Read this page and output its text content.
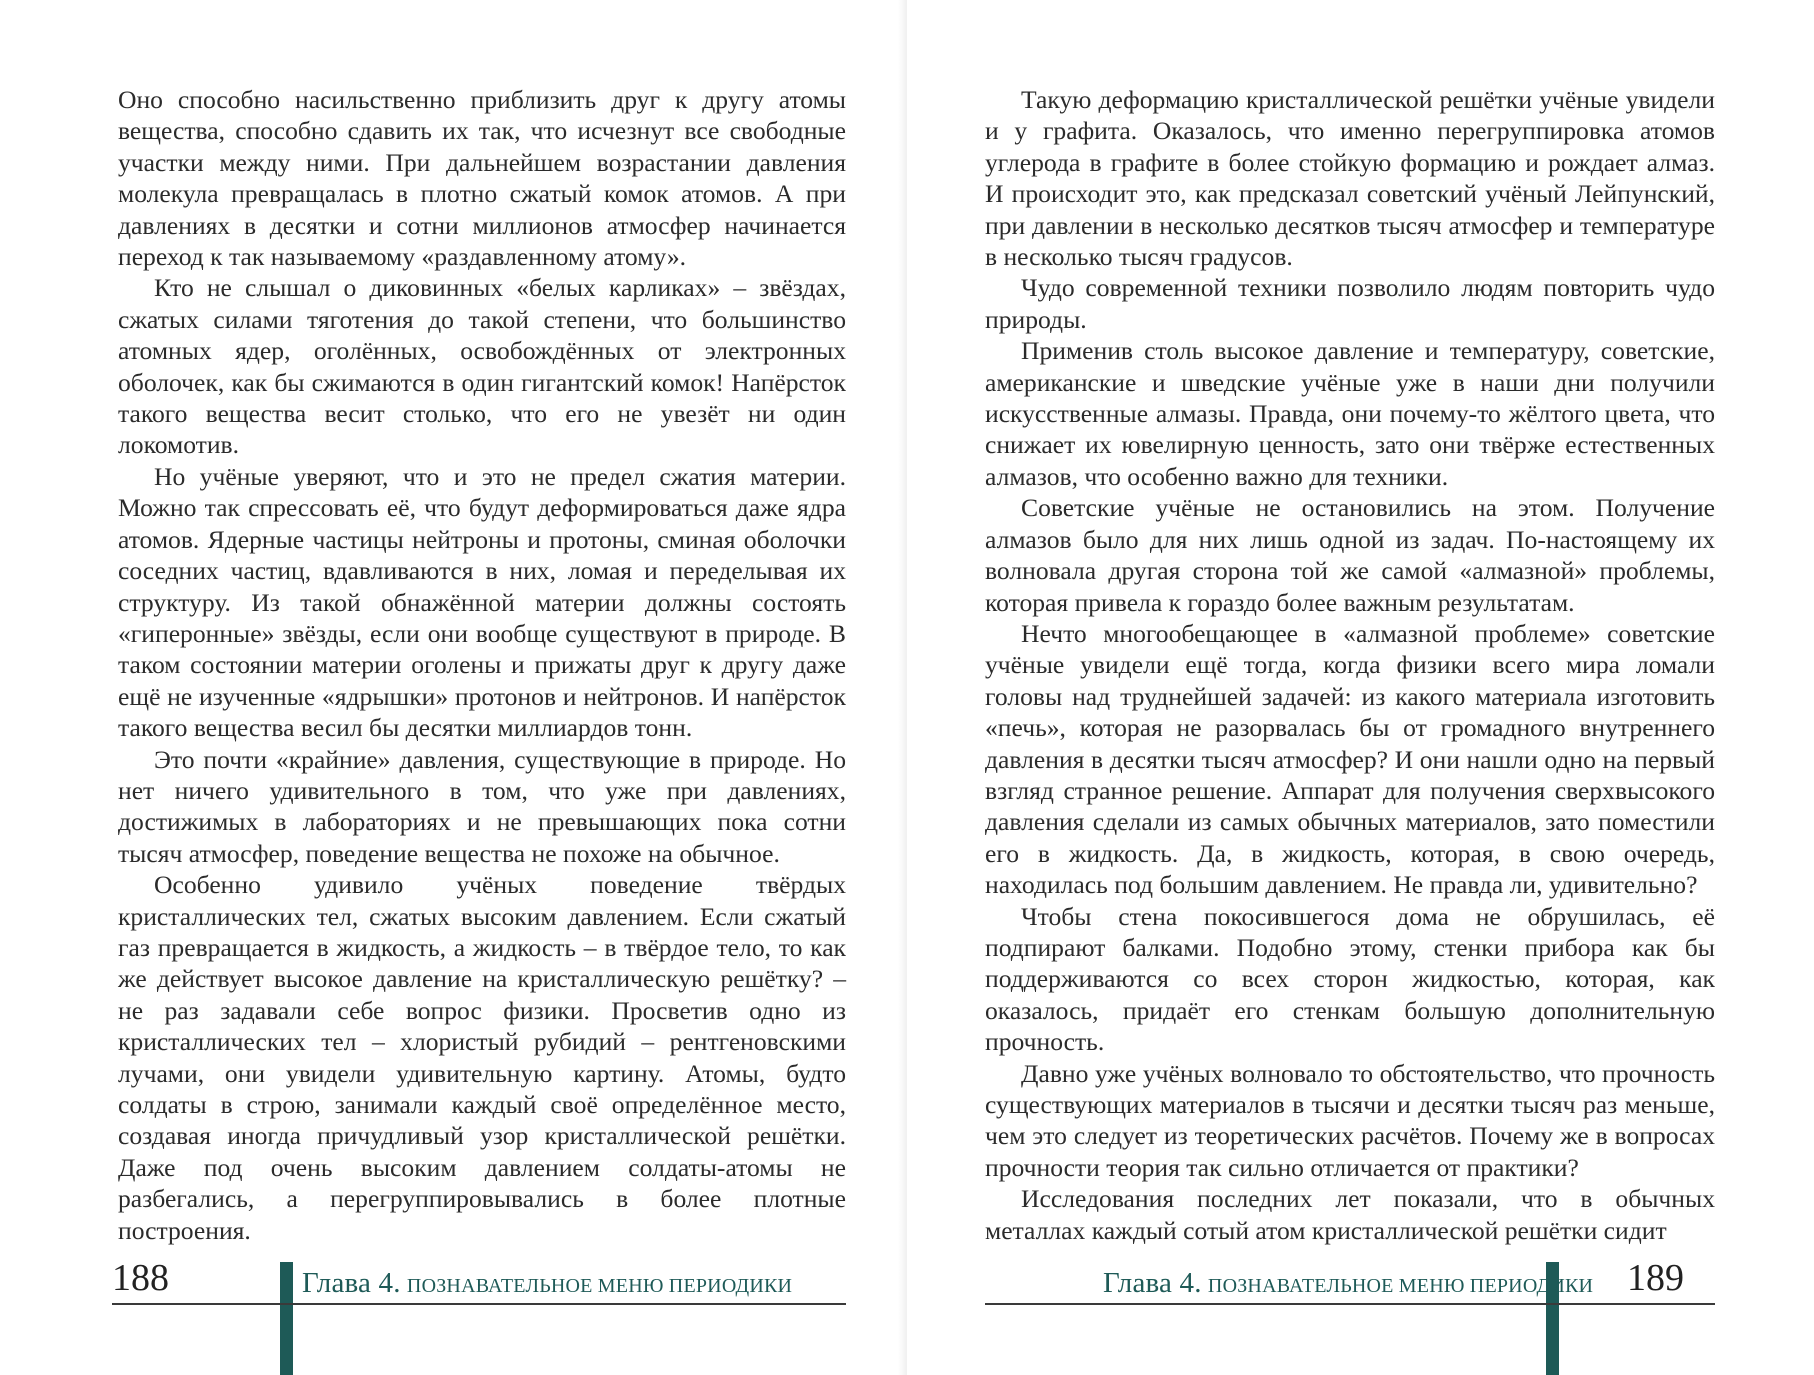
Оно способно насильственно приблизить друг к другу атомы вещества, способно сдавить их так, что исчезнут все свободные участки между ними. При дальнейшем возрастании давления молекула превращалась в плотно сжатый комок атомов. А при давлениях в десятки и сотни миллионов атмосфер начинается переход к так называемому «раздавленному атому».

Кто не слышал о диковинных «белых карликах» – звёздах, сжатых силами тяготения до такой степени, что большинство атомных ядер, оголённых, освобождённых от электронных оболочек, как бы сжимаются в один гигантский комок! Напёрсток такого вещества весит столько, что его не увезёт ни один локомотив.

Но учёные уверяют, что и это не предел сжатия материи. Можно так спрессовать её, что будут деформироваться даже ядра атомов. Ядерные частицы нейтроны и протоны, сминая оболочки соседних частиц, вдавливаются в них, ломая и переделывая их структуру. Из такой обнажённой материи должны состоять «гиперонные» звёзды, если они вообще существуют в природе. В таком состоянии материи оголены и прижаты друг к другу даже ещё не изученные «ядрышки» протонов и нейтронов. И напёрсток такого вещества весил бы десятки миллиардов тонн.

Это почти «крайние» давления, существующие в природе. Но нет ничего удивительного в том, что уже при давлениях, достижимых в лабораториях и не превышающих пока сотни тысяч атмосфер, поведение вещества не похоже на обычное.

Особенно удивило учёных поведение твёрдых кристаллических тел, сжатых высоким давлением. Если сжатый газ превращается в жидкость, а жидкость – в твёрдое тело, то как же действует высокое давление на кристаллическую решётку? – не раз задавали себе вопрос физики. Просветив одно из кристаллических тел – хлористый рубидий – рентгеновскими лучами, они увидели удивительную картину. Атомы, будто солдаты в строю, занимали каждый своё определённое место, создавая иногда причудливый узор кристаллической решётки. Даже под очень высоким давлением солдаты-атомы не разбегались, а перегруппировывались в более плотные построения.

188	Глава 4. ПОЗНАВАТЕЛЬНОЕ МЕНЮ ПЕРИОДИКИ

Такую деформацию кристаллической решётки учёные увидели и у графита. Оказалось, что именно перегруппировка атомов углерода в графите в более стойкую формацию и рождает алмаз. И происходит это, как предсказал советский учёный Лейпунский, при давлении в несколько десятков тысяч атмосфер и температуре в несколько тысяч градусов.

Чудо современной техники позволило людям повторить чудо природы.

Применив столь высокое давление и температуру, советские, американские и шведские учёные уже в наши дни получили искусственные алмазы. Правда, они почему-то жёлтого цвета, что снижает их ювелирную ценность, зато они твёрже естественных алмазов, что особенно важно для техники.

Советские учёные не остановились на этом. Получение алмазов было для них лишь одной из задач. По-настоящему их волновала другая сторона той же самой «алмазной» проблемы, которая привела к гораздо более важным результатам.

Нечто многообещающее в «алмазной проблеме» советские учёные увидели ещё тогда, когда физики всего мира ломали головы над труднейшей задачей: из какого материала изготовить «печь», которая не разорвалась бы от громадного внутреннего давления в десятки тысяч атмосфер? И они нашли одно на первый взгляд странное решение. Аппарат для получения сверхвысокого давления сделали из самых обычных материалов, зато поместили его в жидкость. Да, в жидкость, которая, в свою очередь, находилась под большим давлением. Не правда ли, удивительно?

Чтобы стена покосившегося дома не обрушилась, её подпирают балками. Подобно этому, стенки прибора как бы поддерживаются со всех сторон жидкостью, которая, как оказалось, придаёт его стенкам большую дополнительную прочность.

Давно уже учёных волновало то обстоятельство, что прочность существующих материалов в тысячи и десятки тысяч раз меньше, чем это следует из теоретических расчётов. Почему же в вопросах прочности теория так сильно отличается от практики?

Исследования последних лет показали, что в обычных металлах каждый сотый атом кристаллической решётки сидит

Глава 4. ПОЗНАВАТЕЛЬНОЕ МЕНЮ ПЕРИОДИКИ 189
